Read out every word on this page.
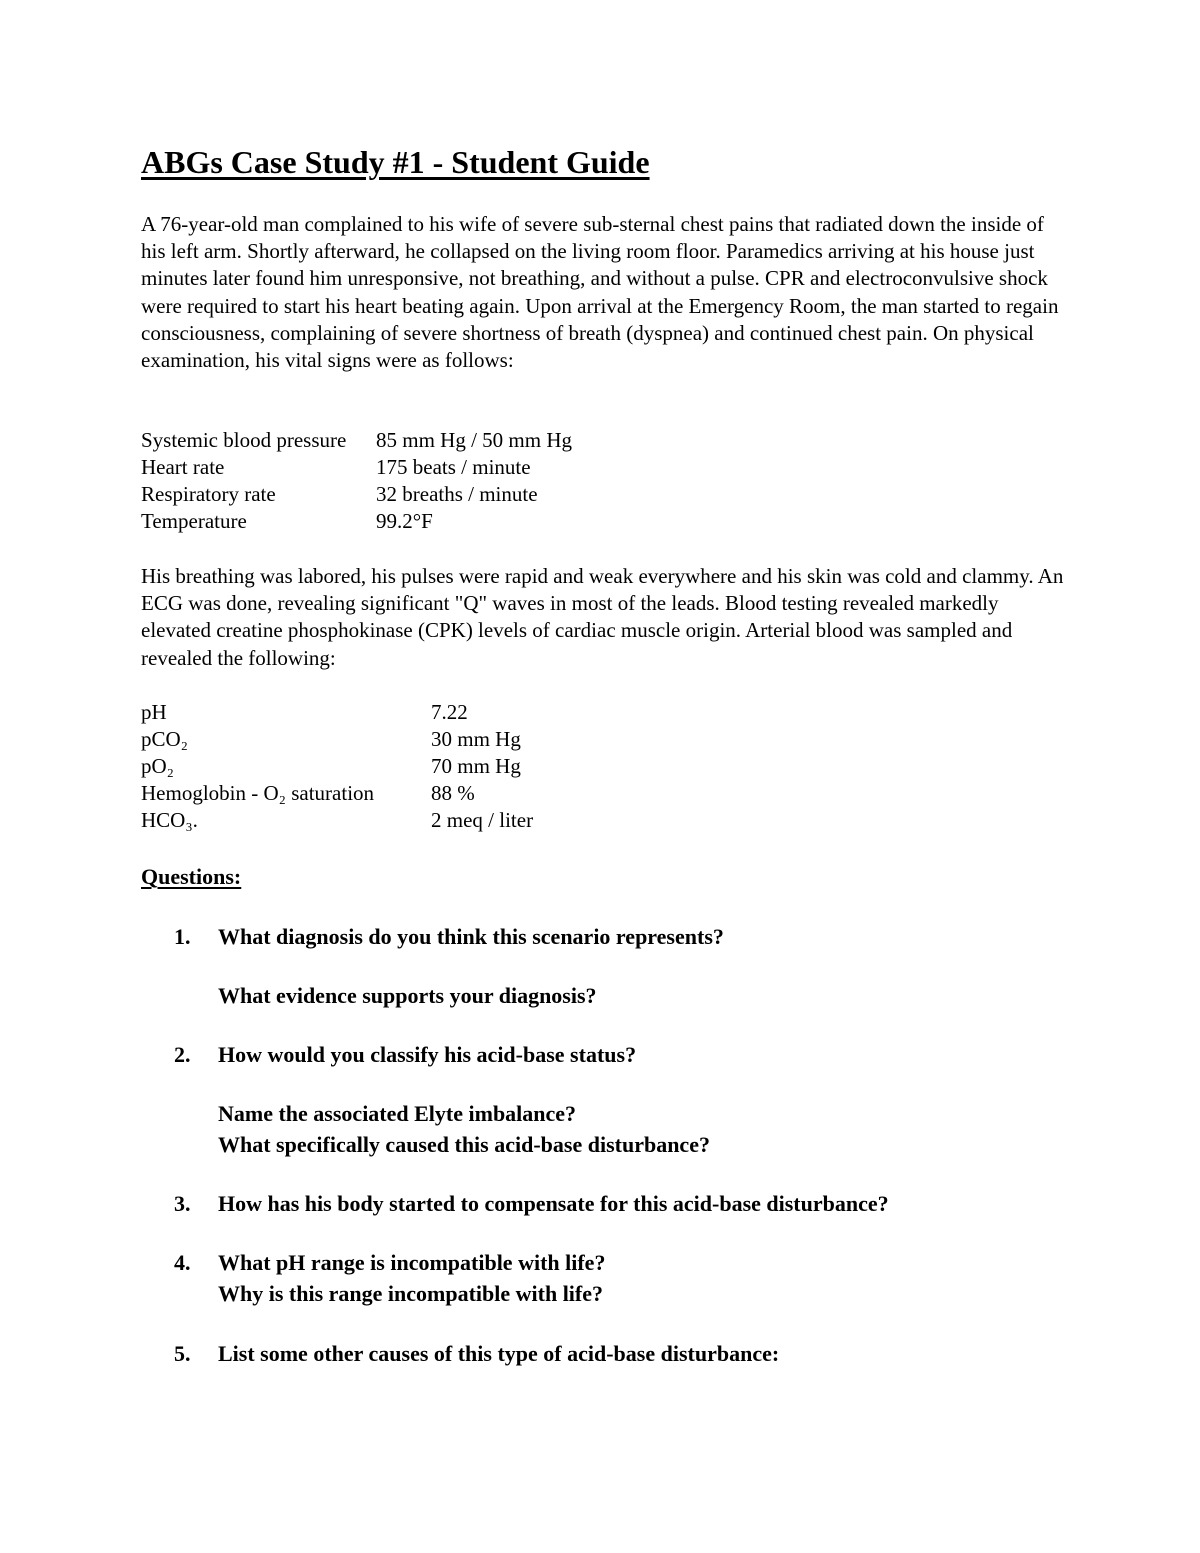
ABGs Case Study #1 - Student Guide

A 76-year-old man complained to his wife of severe sub-sternal chest pains that radiated down the inside of his left arm. Shortly afterward, he collapsed on the living room floor. Paramedics arriving at his house just minutes later found him unresponsive, not breathing, and without a pulse. CPR and electroconvulsive shock were required to start his heart beating again. Upon arrival at the Emergency Room, the man started to regain consciousness, complaining of severe shortness of breath (dyspnea) and continued chest pain. On physical examination, his vital signs were as follows:

Systemic blood pressure 85 mm Hg / 50 mm Hg
Heart rate	175 beats / minute
Respiratory rate	32 breaths / minute
Temperature	99.2°F

His breathing was labored, his pulses were rapid and weak everywhere and his skin was cold and clammy. An ECG was done, revealing significant "Q" waves in most of the leads. Blood testing revealed markedly elevated creatine phosphokinase (CPK) levels of cardiac muscle origin. Arterial blood was sampled and revealed the following:

pH	7.22
pCO₂	30 mm Hg
pO₂	70 mm Hg
Hemoglobin - O₂ saturation	88 %
HCO₃.	2 meq / liter
Questions:
1. What diagnosis do you think this scenario represents?
What evidence supports your diagnosis?
2. How would you classify his acid-base status?
Name the associated Elyte imbalance?
What specifically caused this acid-base disturbance?
3. How has his body started to compensate for this acid-base disturbance?
4. What pH range is incompatible with life?
Why is this range incompatible with life?
5. List some other causes of this type of acid-base disturbance:
